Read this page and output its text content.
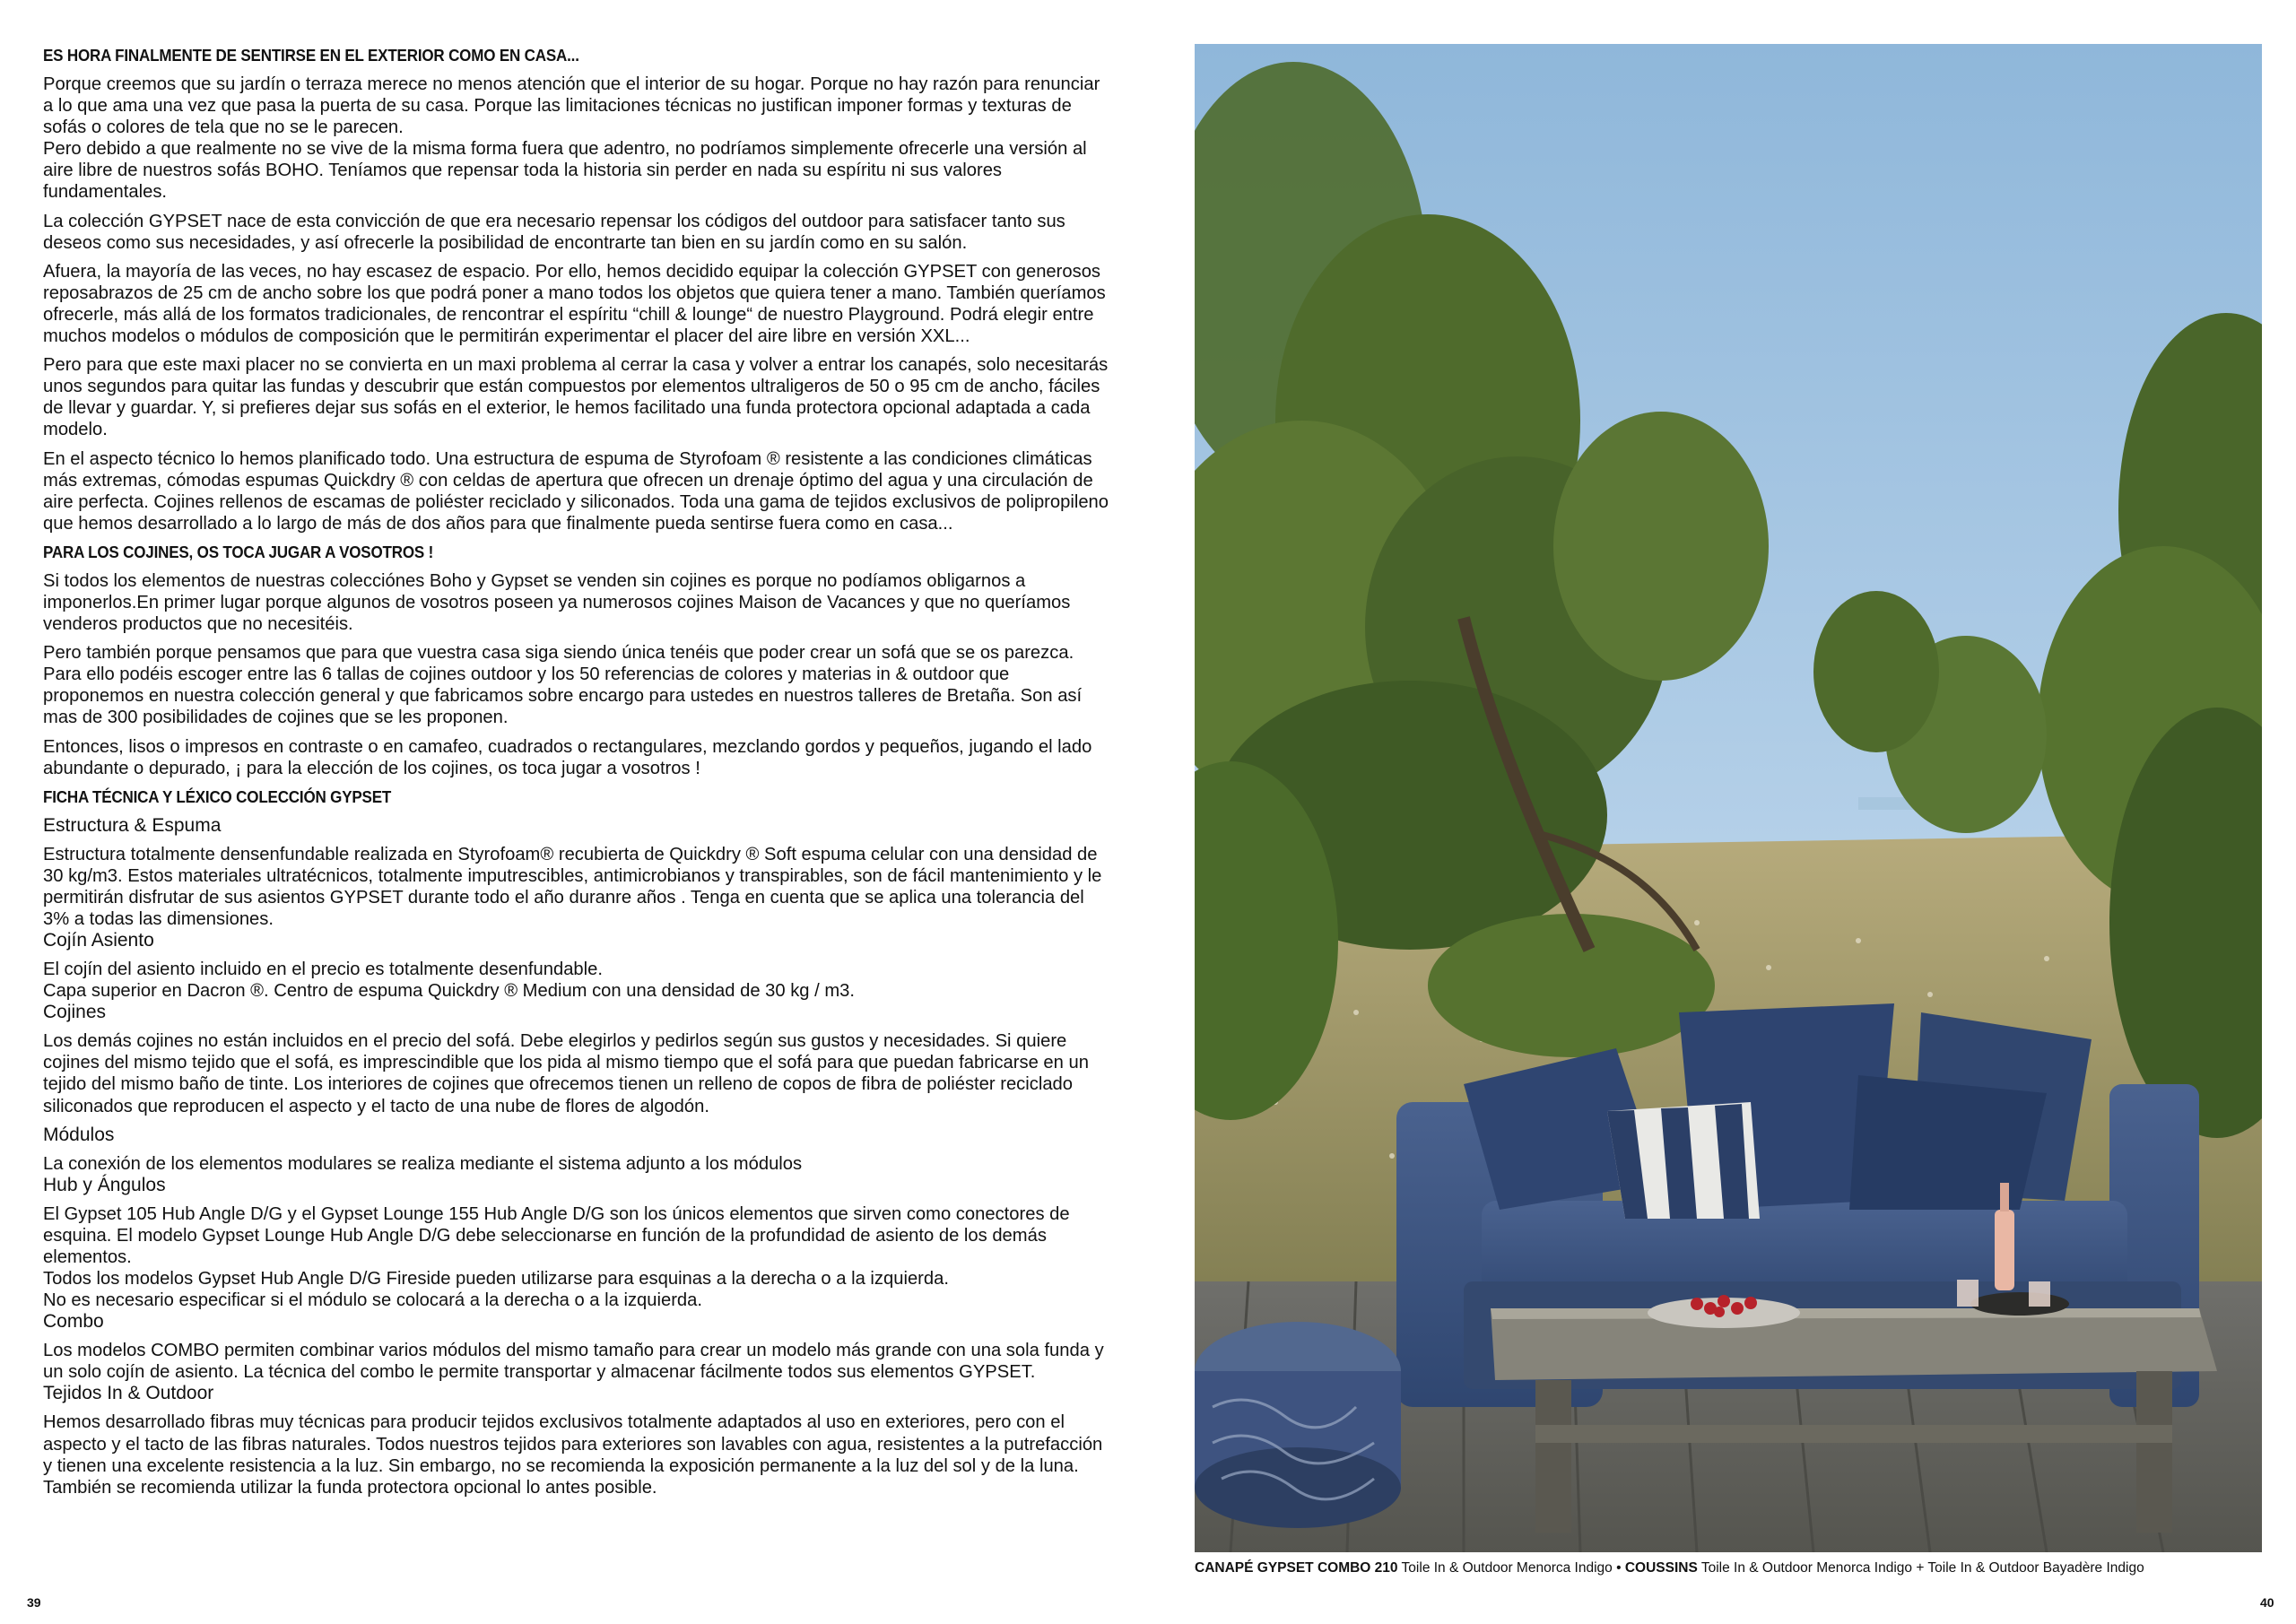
ES HORA FINALMENTE DE SENTIRSE EN EL EXTERIOR COMO EN CASA...

Porque creemos que su jardín o terraza merece no menos atención que el interior de su hogar. Porque no hay razón para renunciar a lo que ama una vez que pasa la puerta de su casa. Porque las limitaciones técnicas no justifican imponer formas y texturas de sofás o colores de tela que no se le parecen.

Pero debido a que realmente no se vive de la misma forma fuera que adentro, no podríamos simplemente ofrecerle una versión al aire libre de nuestros sofás BOHO. Teníamos que repensar toda la historia sin perder en nada su espíritu ni sus valores fundamentales.

La colección GYPSET nace de esta convicción de que era necesario repensar los códigos del outdoor para satisfacer tanto sus deseos como sus necesidades, y así ofrecerle la posibilidad de encontrarte tan bien en su jardín como en su salón.

Afuera, la mayoría de las veces, no hay escasez de espacio. Por ello, hemos decidido equipar la colección GYPSET con generosos reposabrazos de 25 cm de ancho sobre los que podrá poner a mano todos los objetos que quiera tener a mano. También queríamos ofrecerle, más allá de los formatos tradicionales, de rencontrar el espíritu “chill & lounge“ de nuestro Playground. Podrá elegir entre muchos modelos o módulos de composición que le permitirán experimentar el placer del aire libre en versión XXL...

Pero para que este maxi placer no se convierta en un maxi problema al cerrar la casa y volver a entrar los canapés, solo necesitarás unos segundos para quitar las fundas y descubrir que están compuestos por elementos ultraligeros de 50 o 95 cm de ancho, fáciles de llevar y guardar. Y, si prefieres dejar sus sofás en el exterior, le hemos facilitado una funda protectora opcional adaptada a cada modelo.

En el aspecto técnico lo hemos planificado todo. Una estructura de espuma de Styrofoam ® resistente a las condiciones climáticas más extremas, cómodas espumas Quickdry ® con celdas de apertura que ofrecen un drenaje óptimo del agua y una circulación de aire perfecta. Cojines rellenos de escamas de poliéster reciclado y siliconados. Toda una gama de tejidos exclusivos de polipropileno que hemos desarrollado a lo largo de más de dos años para que finalmente pueda sentirse fuera como en casa...

PARA LOS COJINES, OS TOCA JUGAR A VOSOTROS !

Si todos los elementos de nuestras colecciónes Boho y Gypset se venden sin cojines es porque no podíamos obligarnos a imponerlos.En primer lugar porque algunos de vosotros poseen ya numerosos cojines Maison de Vacances y que no queríamos venderos productos que no necesitéis.

Pero también porque pensamos que para que vuestra casa siga siendo única tenéis que poder crear un sofá que se os parezca. Para ello podéis escoger entre las 6 tallas de cojines outdoor y los 50 referencias de colores y materias in & outdoor que proponemos en nuestra colección general y que fabricamos sobre encargo para ustedes en nuestros talleres de Bretaña. Son así mas de 300 posibilidades de cojines que se les proponen.

Entonces, lisos o impresos en contraste o en camafeo, cuadrados o rectangulares, mezclando gordos y pequeños, jugando el lado abundante o depurado, ¡ para la elección de los cojines, os toca jugar a vosotros !

FICHA TÉCNICA Y LÉXICO COLECCIÓN GYPSET

Estructura & Espuma

Estructura totalmente densenfundable realizada en Styrofoam® recubierta de Quickdry ® Soft espuma celular con una densidad de 30 kg/m3. Estos materiales ultratécnicos, totalmente imputrescibles, antimicrobianos y transpirables, son de fácil mantenimiento y le permitirán disfrutar de sus asientos GYPSET durante todo el año duranre años . Tenga en cuenta que se aplica una tolerancia del 3% a todas las dimensiones.

Cojín Asiento

El cojín del asiento incluido en el precio es totalmente desenfundable.

Capa superior en Dacron ®. Centro de espuma Quickdry ® Medium con una densidad de 30 kg / m3.

Cojines

Los demás cojines no están incluidos en el precio del sofá. Debe elegirlos y pedirlos según sus gustos y necesidades. Si quiere cojines del mismo tejido que el sofá, es imprescindible que los pida al mismo tiempo que el sofá para que puedan fabricarse en un tejido del mismo baño de tinte. Los interiores de cojines que ofrecemos tienen un relleno de copos de fibra de poliéster reciclado siliconados que reproducen el aspecto y el tacto de una nube de flores de algodón.

Módulos

La conexión de los elementos modulares se realiza mediante el sistema adjunto a los módulos

Hub y Ángulos

El Gypset 105 Hub Angle D/G y el Gypset Lounge 155 Hub Angle D/G son los únicos elementos que sirven como conectores de esquina. El modelo Gypset Lounge Hub Angle D/G debe seleccionarse en función de la profundidad de asiento de los demás elementos.

Todos los modelos Gypset Hub Angle D/G Fireside pueden utilizarse para esquinas a la derecha o a la izquierda.

No es necesario especificar si el módulo se colocará a la derecha o a la izquierda.

Combo

Los modelos COMBO permiten combinar varios módulos del mismo tamaño para crear un modelo más grande con una sola funda y un solo cojín de asiento. La técnica del combo le permite transportar y almacenar fácilmente todos sus elementos GYPSET.

Tejidos In & Outdoor

Hemos desarrollado fibras muy técnicas para producir tejidos exclusivos totalmente adaptados al uso en exteriores, pero con el aspecto y el tacto de las fibras naturales. Todos nuestros tejidos para exteriores son lavables con agua, resistentes a la putrefacción y tienen una excelente resistencia a la luz. Sin embargo, no se recomienda la exposición permanente a la luz del sol y de la luna. También se recomienda utilizar la funda protectora opcional lo antes posible.

39
CANAPÉ GYPSET COMBO 210 Toile In & Outdoor Menorca Indigo • COUSSINS Toile In & Outdoor Menorca Indigo + Toile In & Outdoor Bayadère Indigo
40
